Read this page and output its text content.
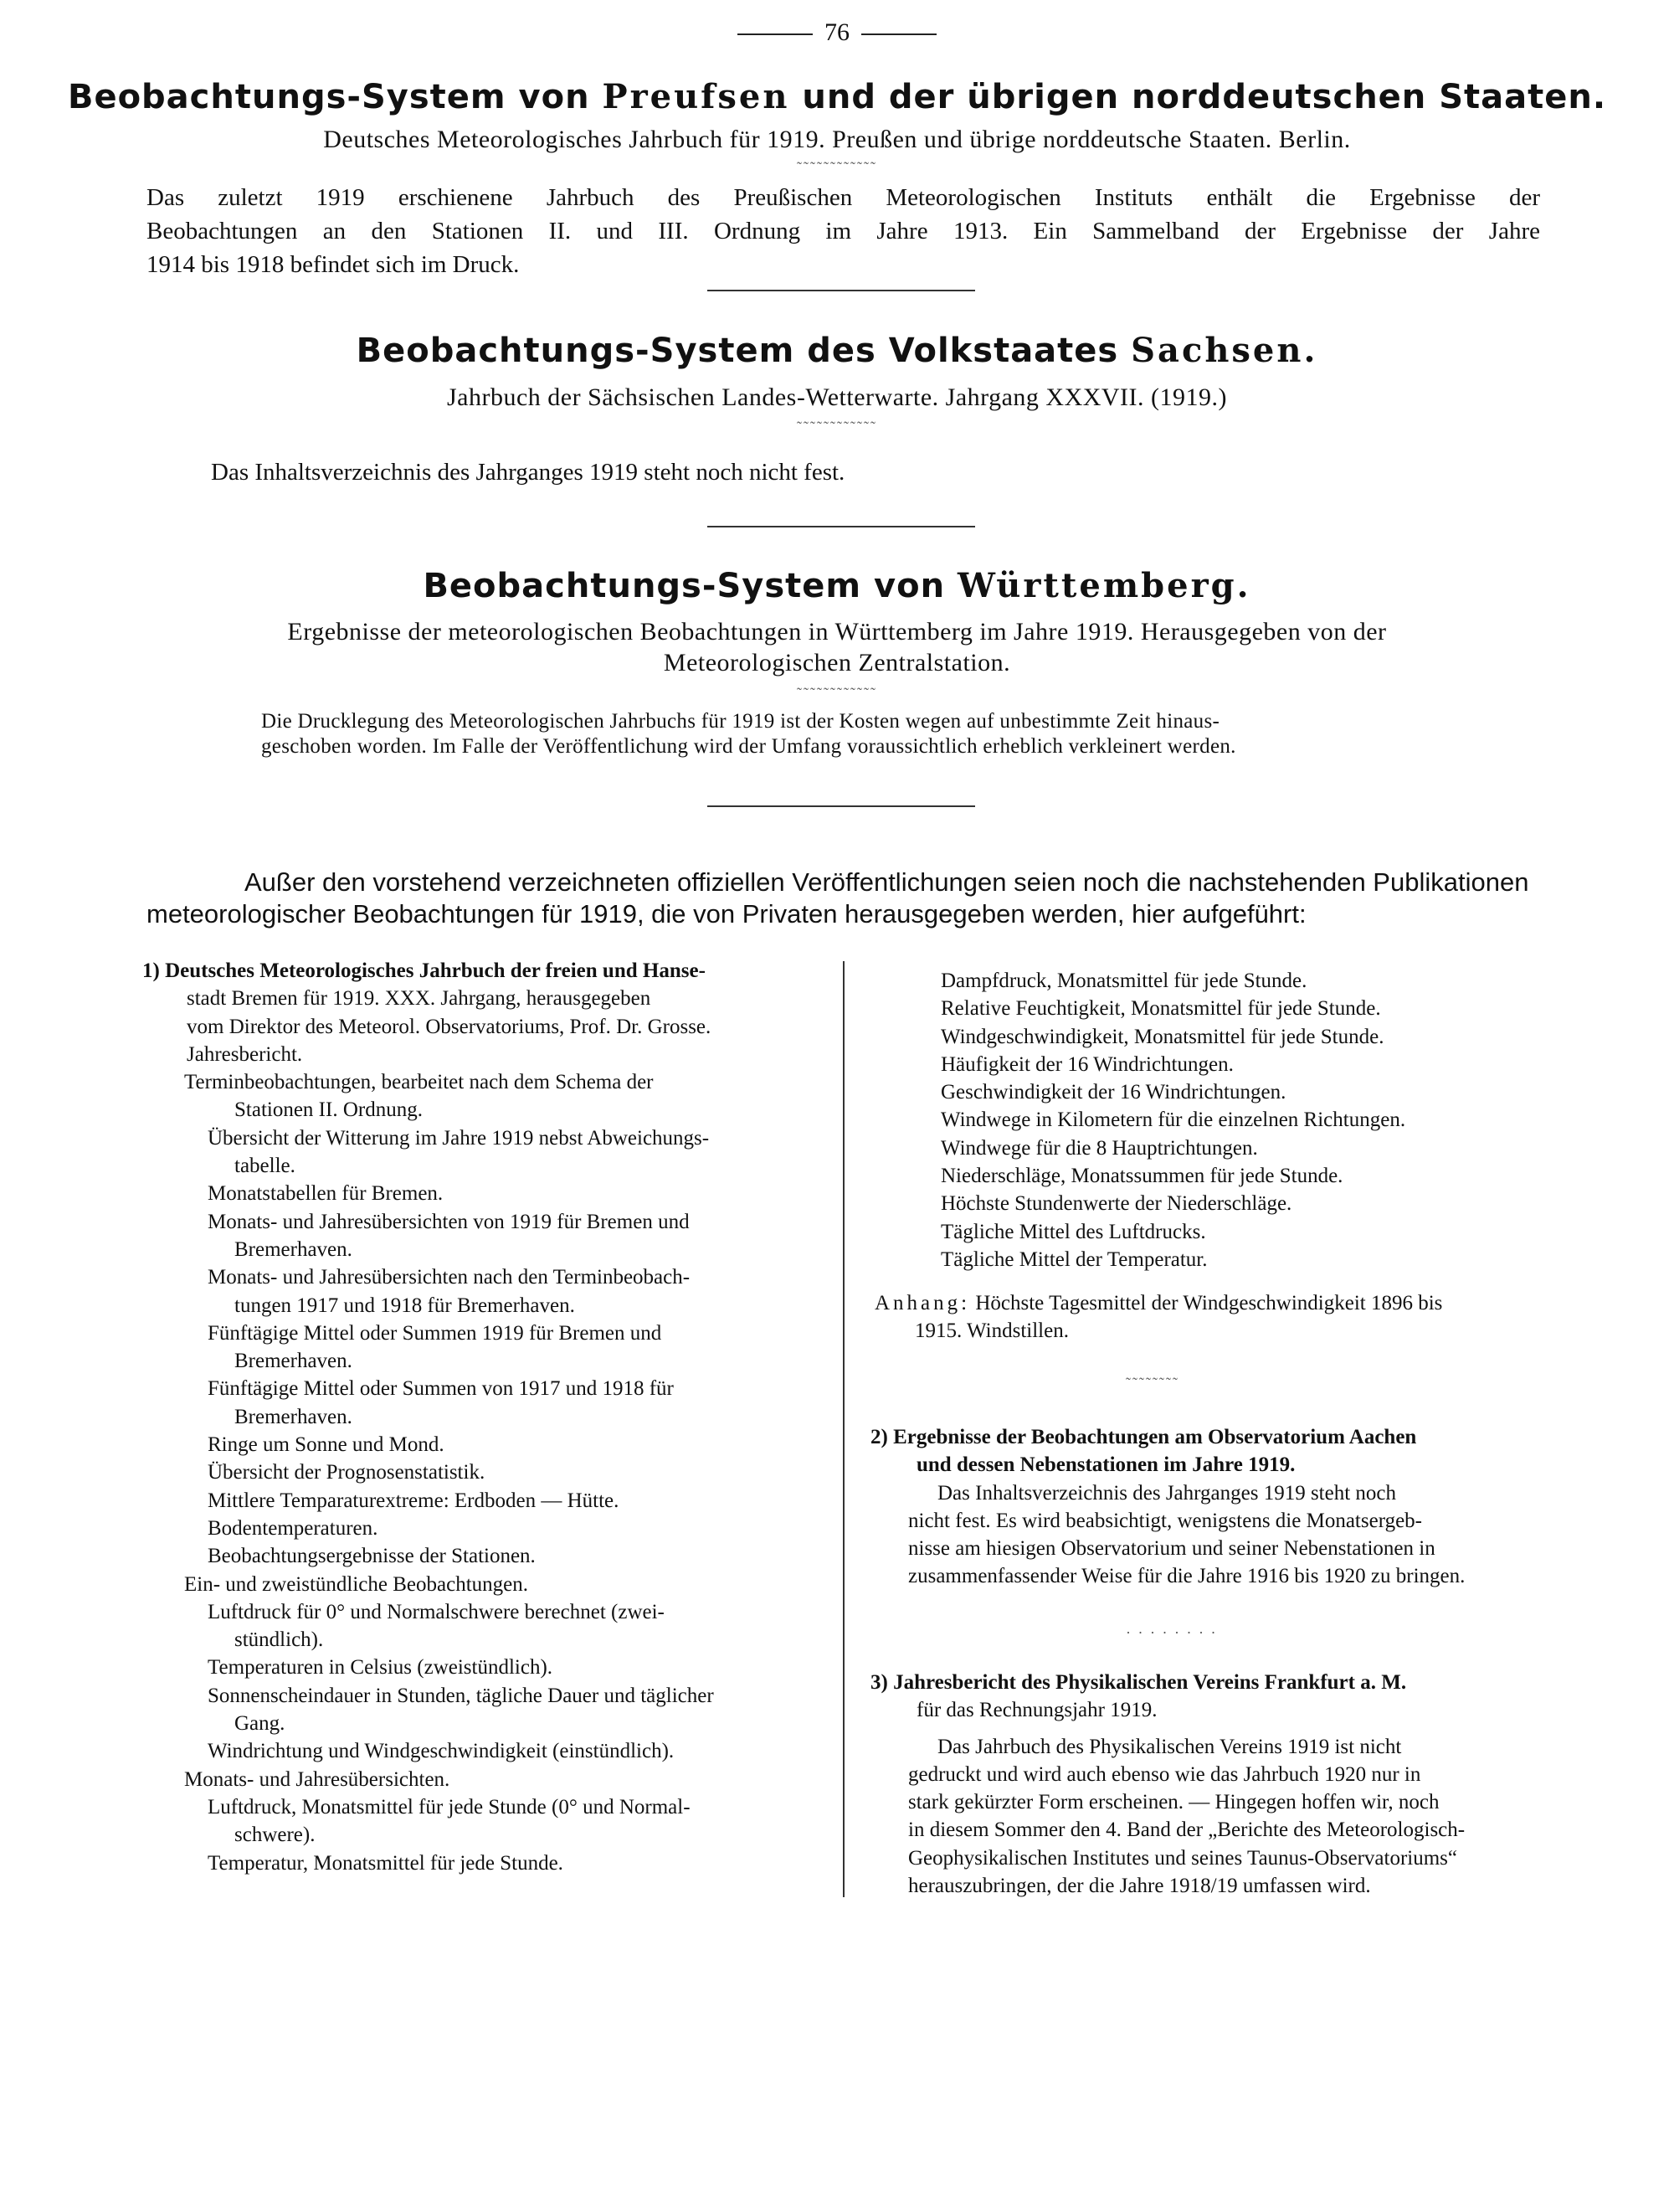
76
Beobachtungs-System von Preufsen und der übrigen norddeutschen Staaten.
Deutsches Meteorologisches Jahrbuch für 1919. Preußen und übrige norddeutsche Staaten. Berlin.
˜˜˜˜˜˜˜˜˜˜˜˜
Das zuletzt 1919 erschienene Jahrbuch des Preußischen Meteorologischen Instituts enthält die Ergebnisse der
Beobachtungen an den Stationen II. und III. Ordnung im Jahre 1913. Ein Sammelband der Ergebnisse der Jahre
1914 bis 1918 befindet sich im Druck.
Beobachtungs-System des Volkstaates Sachsen.
Jahrbuch der Sächsischen Landes-Wetterwarte. Jahrgang XXXVII. (1919.)
˜˜˜˜˜˜˜˜˜˜˜˜
Das Inhaltsverzeichnis des Jahrganges 1919 steht noch nicht fest.
Beobachtungs-System von Württemberg.
Ergebnisse der meteorologischen Beobachtungen in Württemberg im Jahre 1919. Herausgegeben von der
Meteorologischen Zentralstation.
˜˜˜˜˜˜˜˜˜˜˜˜
Die Drucklegung des Meteorologischen Jahrbuchs für 1919 ist der Kosten wegen auf unbestimmte Zeit hinaus-
geschoben worden. Im Falle der Veröffentlichung wird der Umfang voraussichtlich erheblich verkleinert werden.
Außer den vorstehend verzeichneten offiziellen Veröffentlichungen seien noch die nachstehenden Publikationen
meteorologischer Beobachtungen für 1919, die von Privaten herausgegeben werden, hier aufgeführt:
1) Deutsches Meteorologisches Jahrbuch der freien und Hanse-
stadt Bremen für 1919. XXX. Jahrgang, herausgegeben
vom Direktor des Meteorol. Observatoriums, Prof. Dr. Grosse.
Jahresbericht.
Terminbeobachtungen, bearbeitet nach dem Schema der
Stationen II. Ordnung.
Übersicht der Witterung im Jahre 1919 nebst Abweichungs-
tabelle.
Monatstabellen für Bremen.
Monats- und Jahresübersichten von 1919 für Bremen und
Bremerhaven.
Monats- und Jahresübersichten nach den Terminbeobach-
tungen 1917 und 1918 für Bremerhaven.
Fünftägige Mittel oder Summen 1919 für Bremen und
Bremerhaven.
Fünftägige Mittel oder Summen von 1917 und 1918 für
Bremerhaven.
Ringe um Sonne und Mond.
Übersicht der Prognosenstatistik.
Mittlere Temparaturextreme: Erdboden — Hütte.
Bodentemperaturen.
Beobachtungsergebnisse der Stationen.
Ein- und zweistündliche Beobachtungen.
Luftdruck für 0° und Normalschwere berechnet (zwei-
stündlich).
Temperaturen in Celsius (zweistündlich).
Sonnenscheindauer in Stunden, tägliche Dauer und täglicher
Gang.
Windrichtung und Windgeschwindigkeit (einstündlich).
Monats- und Jahresübersichten.
Luftdruck, Monatsmittel für jede Stunde (0° und Normal-
schwere).
Temperatur, Monatsmittel für jede Stunde.
Dampfdruck, Monatsmittel für jede Stunde.
Relative Feuchtigkeit, Monatsmittel für jede Stunde.
Windgeschwindigkeit, Monatsmittel für jede Stunde.
Häufigkeit der 16 Windrichtungen.
Geschwindigkeit der 16 Windrichtungen.
Windwege in Kilometern für die einzelnen Richtungen.
Windwege für die 8 Hauptrichtungen.
Niederschläge, Monatssummen für jede Stunde.
Höchste Stundenwerte der Niederschläge.
Tägliche Mittel des Luftdrucks.
Tägliche Mittel der Temperatur.
Anhang: Höchste Tagesmittel der Windgeschwindigkeit 1896 bis
1915. Windstillen.
˜˜˜˜˜˜˜˜
2) Ergebnisse der Beobachtungen am Observatorium Aachen
und dessen Nebenstationen im Jahre 1919.
Das Inhaltsverzeichnis des Jahrganges 1919 steht noch
nicht fest. Es wird beabsichtigt, wenigstens die Monatsergeb-
nisse am hiesigen Observatorium und seiner Nebenstationen in
zusammenfassender Weise für die Jahre 1916 bis 1920 zu bringen.
· · · · · · · ·
3) Jahresbericht des Physikalischen Vereins Frankfurt a. M.
für das Rechnungsjahr 1919.
Das Jahrbuch des Physikalischen Vereins 1919 ist nicht
gedruckt und wird auch ebenso wie das Jahrbuch 1920 nur in
stark gekürzter Form erscheinen. — Hingegen hoffen wir, noch
in diesem Sommer den 4. Band der „Berichte des Meteorologisch-
Geophysikalischen Institutes und seines Taunus-Observatoriums“
herauszubringen, der die Jahre 1918/19 umfassen wird.
